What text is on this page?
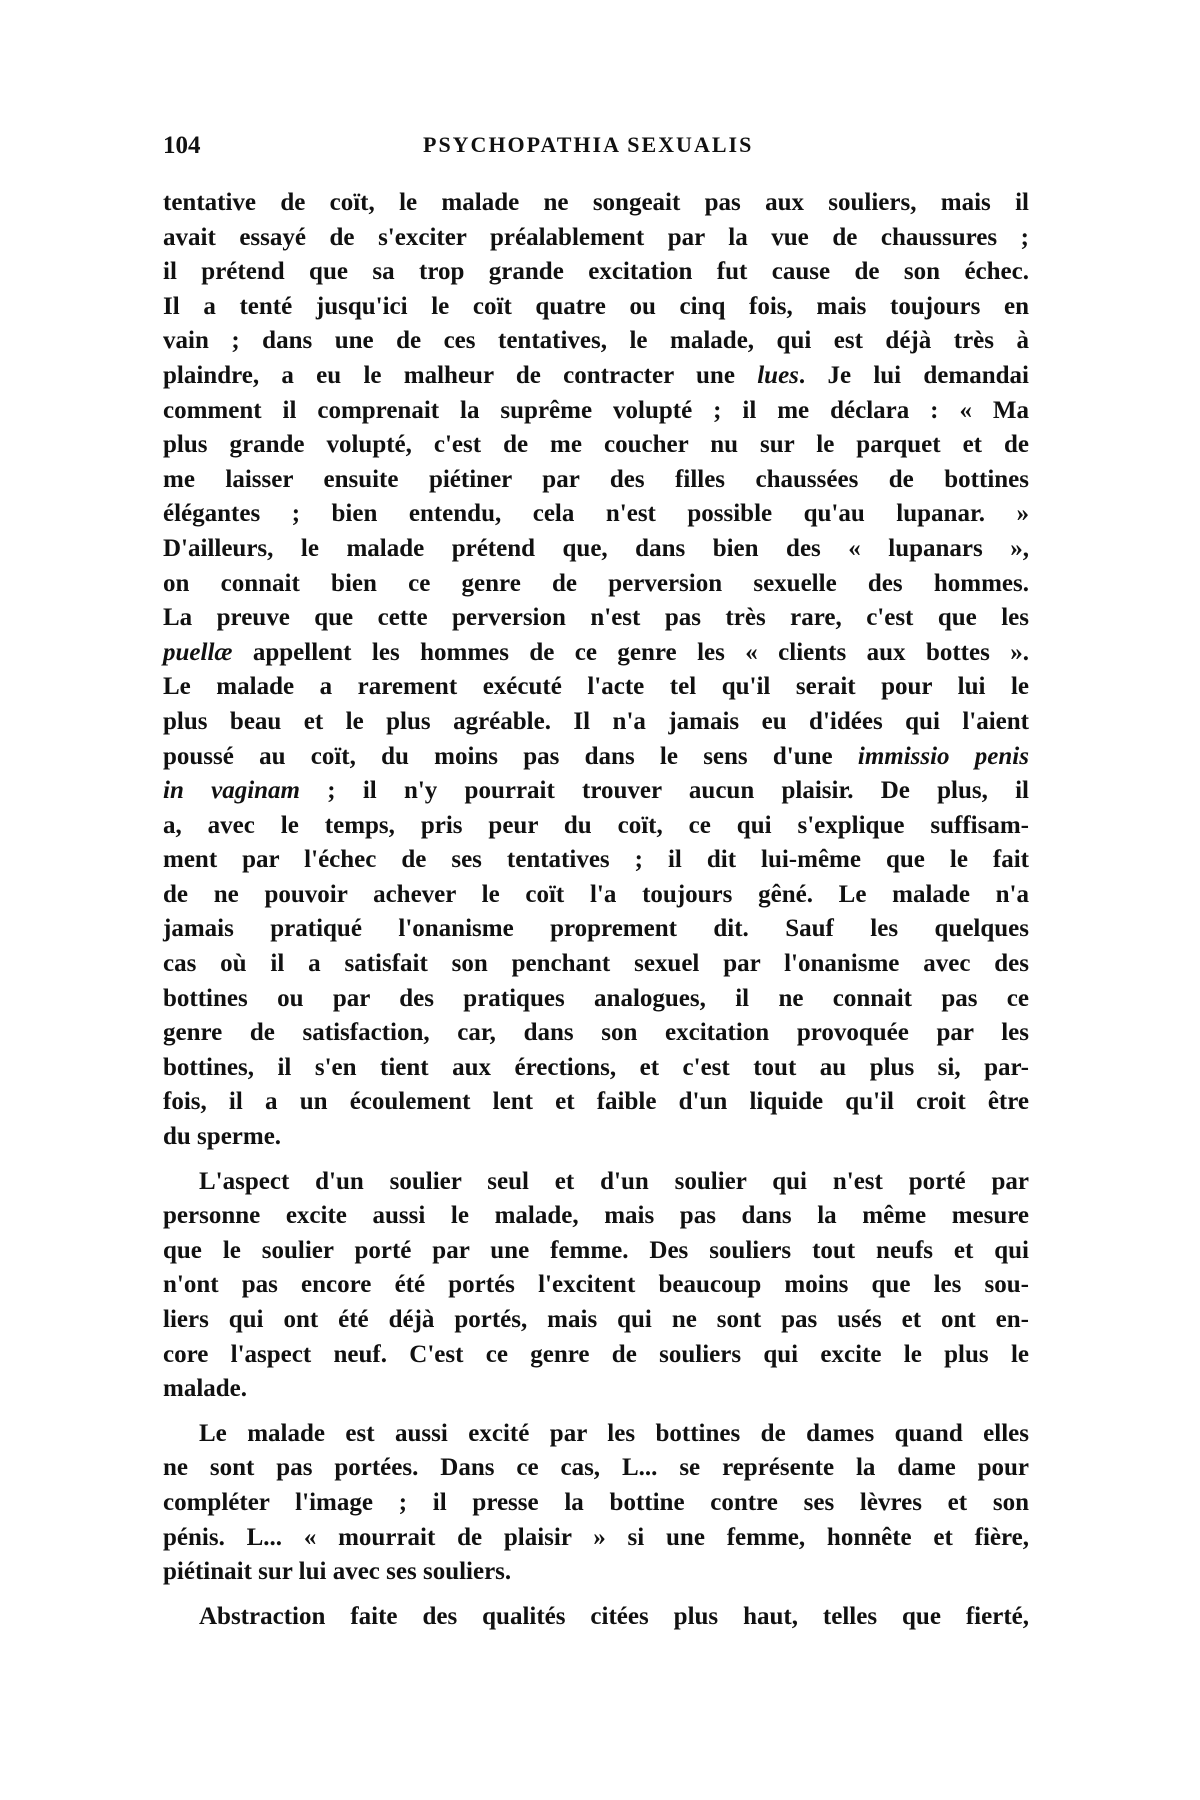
104	PSYCHOPATHIA SEXUALIS
tentative de coït, le malade ne songeait pas aux souliers, mais il
avait essayé de s'exciter préalablement par la vue de chaussures ;
il prétend que sa trop grande excitation fut cause de son échec.
Il a tenté jusqu'ici le coït quatre ou cinq fois, mais toujours en
vain ; dans une de ces tentatives, le malade, qui est déjà très à
plaindre, a eu le malheur de contracter une lues. Je lui demandai
comment il comprenait la suprême volupté ; il me déclara : « Ma
plus grande volupté, c'est de me coucher nu sur le parquet et de
me laisser ensuite piétiner par des filles chaussées de bottines
élégantes ; bien entendu, cela n'est possible qu'au lupanar. »
D'ailleurs, le malade prétend que, dans bien des « lupanars »,
on connait bien ce genre de perversion sexuelle des hommes.
La preuve que cette perversion n'est pas très rare, c'est que les
puellæ appellent les hommes de ce genre les « clients aux bottes ».
Le malade a rarement exécuté l'acte tel qu'il serait pour lui le
plus beau et le plus agréable. Il n'a jamais eu d'idées qui l'aient
poussé au coït, du moins pas dans le sens d'une immissio penis
in vaginam ; il n'y pourrait trouver aucun plaisir. De plus, il
a, avec le temps, pris peur du coït, ce qui s'explique suffisam-
ment par l'échec de ses tentatives ; il dit lui-même que le fait
de ne pouvoir achever le coït l'a toujours gêné. Le malade n'a
jamais pratiqué l'onanisme proprement dit. Sauf les quelques
cas où il a satisfait son penchant sexuel par l'onanisme avec des
bottines ou par des pratiques analogues, il ne connait pas ce
genre de satisfaction, car, dans son excitation provoquée par les
bottines, il s'en tient aux érections, et c'est tout au plus si, par-
fois, il a un écoulement lent et faible d'un liquide qu'il croit être
du sperme.
L'aspect d'un soulier seul et d'un soulier qui n'est porté par
personne excite aussi le malade, mais pas dans la même mesure
que le soulier porté par une femme. Des souliers tout neufs et qui
n'ont pas encore été portés l'excitent beaucoup moins que les sou-
liers qui ont été déjà portés, mais qui ne sont pas usés et ont en-
core l'aspect neuf. C'est ce genre de souliers qui excite le plus le
malade.
Le malade est aussi excité par les bottines de dames quand elles
ne sont pas portées. Dans ce cas, L... se représente la dame pour
compléter l'image ; il presse la bottine contre ses lèvres et son
pénis. L... « mourrait de plaisir » si une femme, honnête et fière,
piétinait sur lui avec ses souliers.
Abstraction faite des qualités citées plus haut, telles que fierté,
